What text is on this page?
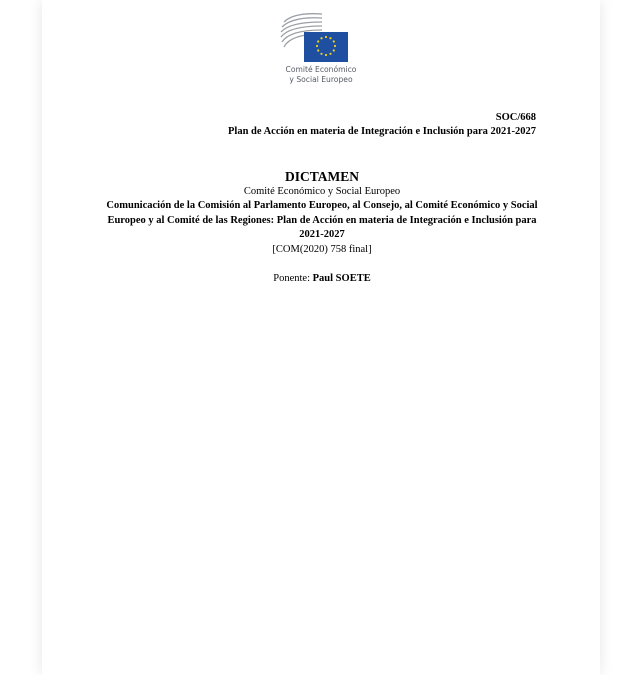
Comité Económico
y Social Europeo
SOC/668
Plan de Acción en materia de Integración e Inclusión para 2021-2027
DICTAMEN
Comité Económico y Social Europeo
Comunicación de la Comisión al Parlamento Europeo, al Consejo, al Comité Económico y Social Europeo y al Comité de las Regiones: Plan de Acción en materia de Integración e Inclusión para 2021-2027
[COM(2020) 758 final]
Ponente: Paul SOETE
